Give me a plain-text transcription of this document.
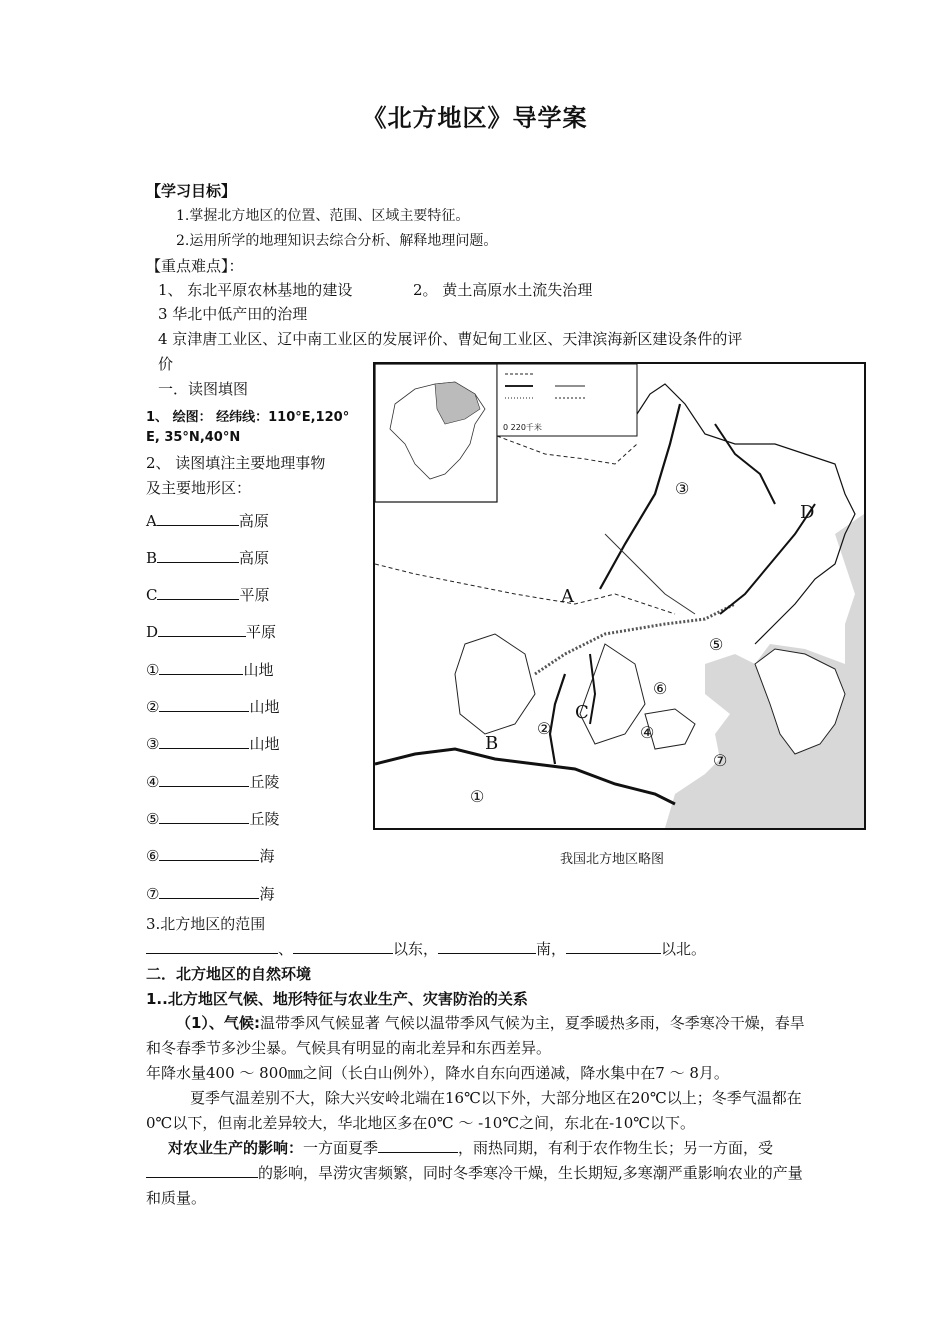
《北方地区》导学案
【学习目标】
1.掌握北方地区的位置、范围、区域主要特征。
2.运用所学的地理知识去综合分析、解释地理问题。
【重点难点】：
1、 东北平原农林基地的建设	2。 黄土高原水土流失治理
3 华北中低产田的治理
4 京津唐工业区、辽中南工业区的发展评价、曹妃甸工业区、天津滨海新区建设条件的评
价
一．读图填图
1、 绘图： 经纬线：110°E,120°
E, 35°N,40°N
2、 读图填注主要地理事物
及主要地形区：
A	高原
B	高原
C	平原
D	平原
①	山地
②	山地
③	山地
④	丘陵
⑤	丘陵
⑥	海
⑦	海
0 220千米
A
B
C
D
①
②
③
④
⑤
⑥
⑦
我国北方地区略图
3.北方地区的范围
、	以东，	南，	以北。
二．北方地区的自然环境
1..北方地区气候、地形特征与农业生产、灾害防治的关系
（1）、气候:温带季风气候显著 气候以温带季风气候为主，夏季暖热多雨，冬季寒冷干燥，春旱和冬春季节多沙尘暴。气候具有明显的南北差异和东西差异。
年降水量400 ～ 800㎜之间（长白山例外），降水自东向西递减，降水集中在7 ～ 8月。
夏季气温差别不大，除大兴安岭北端在16℃以下外，大部分地区在20℃以上；冬季气温都在0℃以下，但南北差异较大，华北地区多在0℃ ～ -10℃之间，东北在-10℃以下。
对农业生产的影响：一方面夏季	，雨热同期，有利于农作物生长；另一方面，受的影响，旱涝灾害频繁，同时冬季寒冷干燥，生长期短,多寒潮严重影响农业的产量和质量。
